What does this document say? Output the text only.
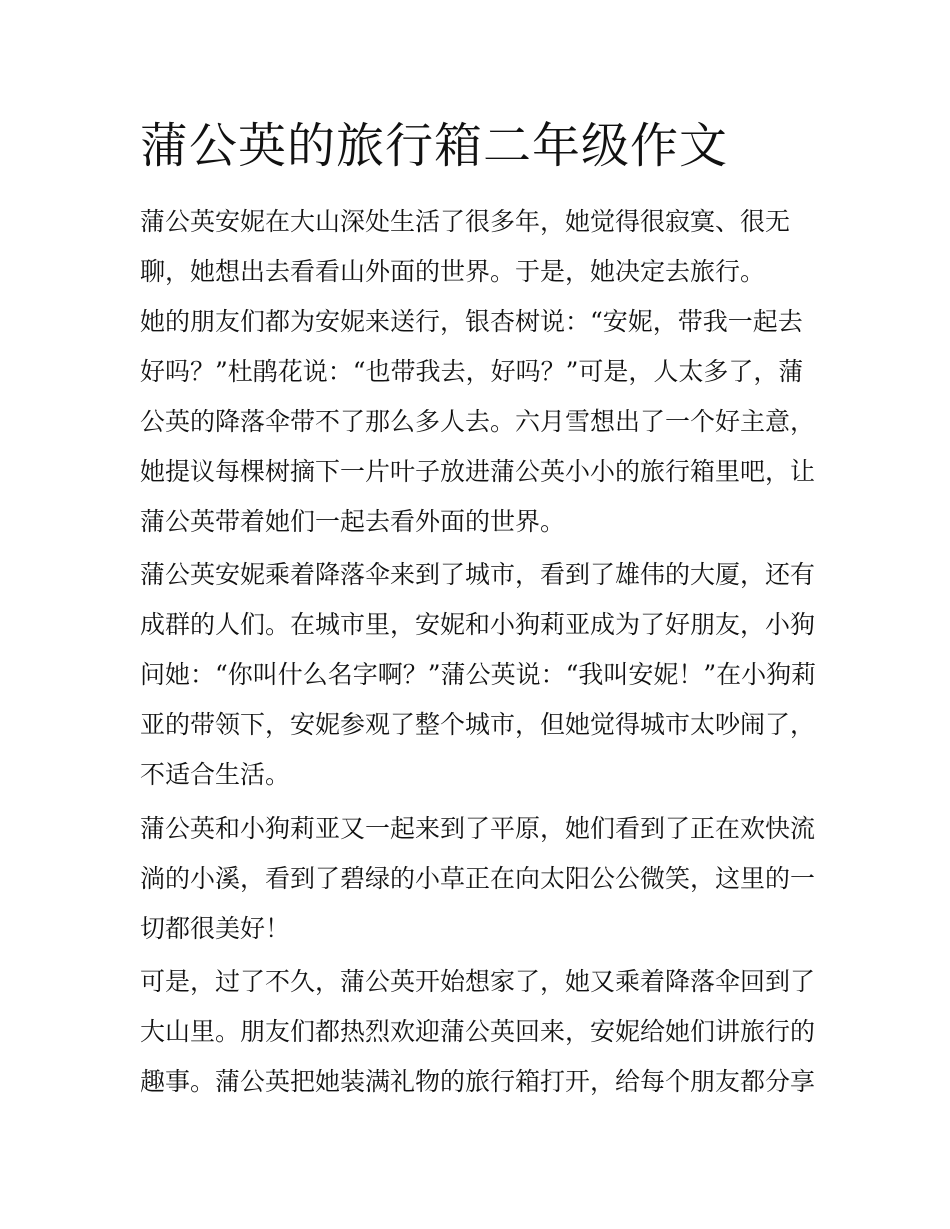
蒲公英的旅行箱二年级作文

蒲公英安妮在大山深处生活了很多年，她觉得很寂寞、很无

聊，她想出去看看山外面的世界。于是，她决定去旅行。

她的朋友们都为安妮来送行，银杏树说：“安妮，带我一起去

好吗？”杜鹃花说：“也带我去，好吗？”可是，人太多了，蒲

公英的降落伞带不了那么多人去。六月雪想出了一个好主意，

她提议每棵树摘下一片叶子放进蒲公英小小的旅行箱里吧，让

蒲公英带着她们一起去看外面的世界。

蒲公英安妮乘着降落伞来到了城市，看到了雄伟的大厦，还有

成群的人们。在城市里，安妮和小狗莉亚成为了好朋友，小狗

问她：“你叫什么名字啊？”蒲公英说：“我叫安妮！”在小狗莉

亚的带领下，安妮参观了整个城市，但她觉得城市太吵闹了，

不适合生活。

蒲公英和小狗莉亚又一起来到了平原，她们看到了正在欢快流

淌的小溪，看到了碧绿的小草正在向太阳公公微笑，这里的一

切都很美好！

可是，过了不久，蒲公英开始想家了，她又乘着降落伞回到了

大山里。朋友们都热烈欢迎蒲公英回来，安妮给她们讲旅行的

趣事。蒲公英把她装满礼物的旅行箱打开，给每个朋友都分享
